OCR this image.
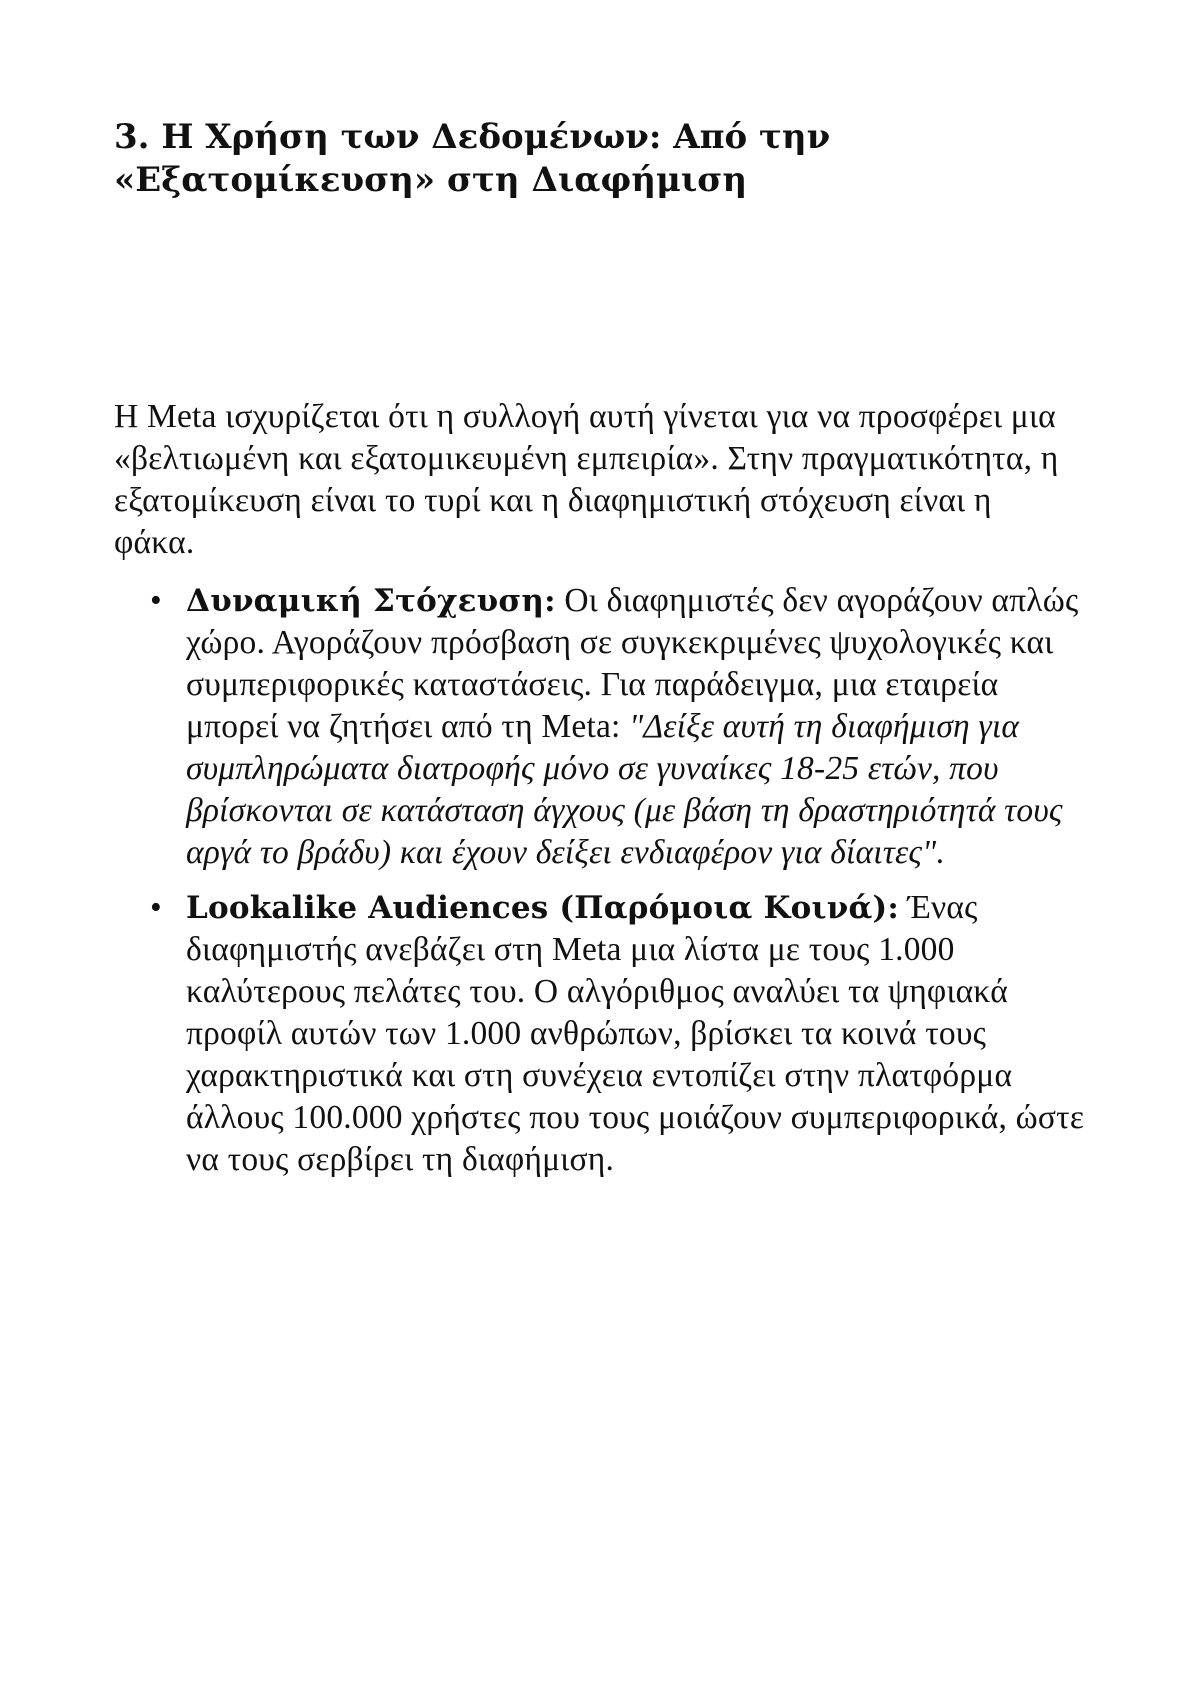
3. Η Χρήση των Δεδομένων: Από την «Εξατομίκευση» στη Διαφήμιση

Η Meta ισχυρίζεται ότι η συλλογή αυτή γίνεται για να προσφέρει μια «βελτιωμένη και εξατομικευμένη εμπειρία». Στην πραγματικότητα, η εξατομίκευση είναι το τυρί και η διαφημιστική στόχευση είναι η φάκα.

• Δυναμική Στόχευση: Οι διαφημιστές δεν αγοράζουν απλώς χώρο. Αγοράζουν πρόσβαση σε συγκεκριμένες ψυχολογικές και συμπεριφορικές καταστάσεις. Για παράδειγμα, μια εταιρεία μπορεί να ζητήσει από τη Meta: "Δείξε αυτή τη διαφήμιση για συμπληρώματα διατροφής μόνο σε γυναίκες 18-25 ετών, που βρίσκονται σε κατάσταση άγχους (με βάση τη δραστηριότητά τους αργά το βράδυ) και έχουν δείξει ενδιαφέρον για δίαιτες".
• Lookalike Audiences (Παρόμοια Κοινά): Ένας διαφημιστής ανεβάζει στη Meta μια λίστα με τους 1.000 καλύτερους πελάτες του. Ο αλγόριθμος αναλύει τα ψηφιακά προφίλ αυτών των 1.000 ανθρώπων, βρίσκει τα κοινά τους χαρακτηριστικά και στη συνέχεια εντοπίζει στην πλατφόρμα άλλους 100.000 χρήστες που τους μοιάζουν συμπεριφορικά, ώστε να τους σερβίρει τη διαφήμιση.
